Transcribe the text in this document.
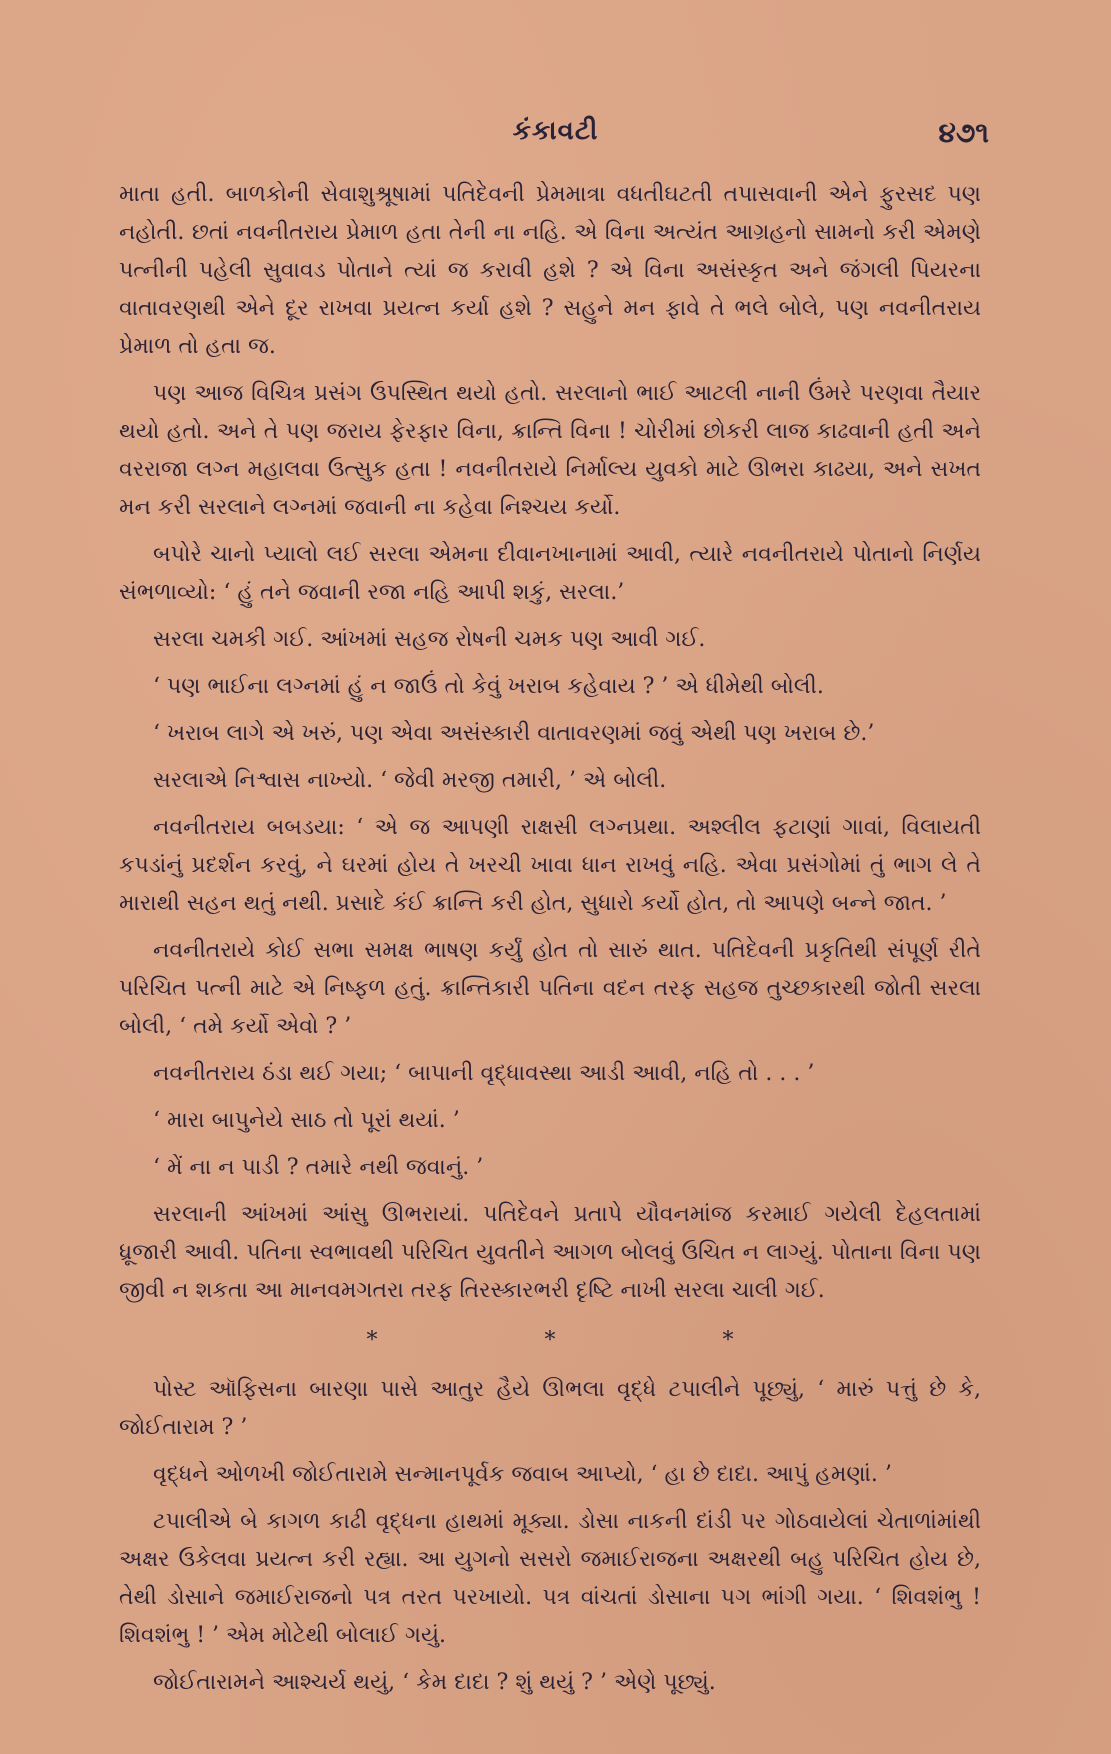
કંકાવટી	૪૭૧

માતા હતી. બાળકોની સેવાશુશ્રૂષામાં પતિદેવની પ્રેમમાત્રા વધતીઘટતી તપાસવાની એને ફુરસદ પણ નહોતી. છતાં નવનીતરાય પ્રેમાળ હતા તેની ના નહિ. એ વિના અત્યંત આગ્રહનો સામનો કરી એમણે પત્નીની પહેલી સુવાવડ પોતાને ત્યાં જ કરાવી હશે ? એ વિના અસંસ્કૃત અને જંગલી પિયરના વાતાવરણથી એને દૂર રાખવા પ્રયત્ન કર્યા હશે ? સહુને મન ફાવે તે ભલે બોલે, પણ નવનીતરાય પ્રેમાળ તો હતા જ.

પણ આજ વિચિત્ર પ્રસંગ ઉપસ્થિત થયો હતો. સરલાનો ભાઈ આટલી નાની ઉંમરે પરણવા તૈયાર થયો હતો. અને તે પણ જરાય ફેરફાર વિના, ક્રાન્તિ વિના ! ચોરીમાં છોકરી લાજ કાઢવાની હતી અને વરરાજા લગ્ન મહાલવા ઉત્સુક હતા ! નવનીતરાયે નિર્માલ્ય યુવકો માટે ઊભરા કાઢયા, અને સખત મન કરી સરલાને લગ્નમાં જવાની ના કહેવા નિશ્ચય કર્યો.

બપોરે ચાનો પ્યાલો લઈ સરલા એમના દીવાનખાનામાં આવી, ત્યારે નવનીતરાયે પોતાનો નિર્ણય સંભળાવ્યો: ‘ હું તને જવાની રજા નહિ આપી શકું, સરલા.’

સરલા ચમકી ગઈ. આંખમાં સહજ રોષની ચમક પણ આવી ગઈ.

‘ પણ ભાઈના લગ્નમાં હું ન જાઉં તો કેવું ખરાબ કહેવાય ? ’ એ ધીમેથી બોલી.

‘ ખરાબ લાગે એ ખરું, પણ એવા અસંસ્કારી વાતાવરણમાં જવું એથી પણ ખરાબ છે.’

સરલાએ નિશ્વાસ નાખ્યો. ‘ જેવી મરજી તમારી, ’ એ બોલી.

નવનીતરાય બબડયા: ‘ એ જ આપણી રાક્ષસી લગ્નપ્રથા. અશ્લીલ ફટાણાં ગાવાં, વિલાયતી કપડાંનું પ્રદર્શન કરવું, ને ઘરમાં હોય તે ખરચી ખાવા ધાન રાખવું નહિ. એવા પ્રસંગોમાં તું ભાગ લે તે મારાથી સહન થતું નથી. પ્રસાદે કંઈ ક્રાન્તિ કરી હોત, સુધારો કર્યો હોત, તો આપણે બન્ને જાત. ’

નવનીતરાયે કોઈ સભા સમક્ષ ભાષણ કર્યું હોત તો સારું થાત. પતિદેવની પ્રકૃતિથી સંપૂર્ણ રીતે પરિચિત પત્ની માટે એ નિષ્ફળ હતું. ક્રાન્તિકારી પતિના વદન તરફ સહજ તુચ્છકારથી જોતી સરલા બોલી, ‘ તમે કર્યો એવો ? ’

નવનીતરાય ઠંડા થઈ ગયા; ‘ બાપાની વૃદ્ધાવસ્થા આડી આવી, નહિ તો . . . ’

‘ મારા બાપુનેયે સાઠ તો પૂરાં થયાં. ’

‘ મેં ના ન પાડી ? તમારે નથી જવાનું. ’

સરલાની આંખમાં આંસુ ઊભરાયાં. પતિદેવને પ્રતાપે યૌવનમાંજ કરમાઈ ગયેલી દેહલતામાં ધ્રૂજારી આવી. પતિના સ્વભાવથી પરિચિત યુવતીને આગળ બોલવું ઉચિત ન લાગ્યું. પોતાના વિના પણ જીવી ન શકતા આ માનવમગતરા તરફ તિરસ્કારભરી દૃષ્ટિ નાખી સરલા ચાલી ગઈ.

* * *

પોસ્ટ ઑફિસના બારણા પાસે આતુર હૈયે ઊભલા વૃદ્ધે ટપાલીને પૂછ્યું, ‘ મારું પત્તું છે કે, જોઈતારામ ? ’

વૃદ્ધને ઓળખી જોઈતારામે સન્માનપૂર્વક જવાબ આપ્યો, ‘ હા છે દાદા. આપું હમણાં. ’

ટપાલીએ બે કાગળ કાઢી વૃદ્ધના હાથમાં મૂક્યા. ડોસા નાકની દાંડી પર ગોઠવાયેલાં ચેતાળાંમાંથી અક્ષર ઉકેલવા પ્રયત્ન કરી રહ્યા. આ યુગનો સસરો જમાઈરાજના અક્ષરથી બહુ પરિચિત હોય છે, તેથી ડોસાને જમાઈરાજનો પત્ર તરત પરખાયો. પત્ર વાંચતાં ડોસાના પગ ભાંગી ગયા. ‘ શિવશંભુ ! શિવશંભુ ! ’ એમ મોટેથી બોલાઈ ગયું.

જોઈતારામને આશ્ચર્ય થયું, ‘ કેમ દાદા ? શું થયું ? ’ એણે પૂછ્યું.
